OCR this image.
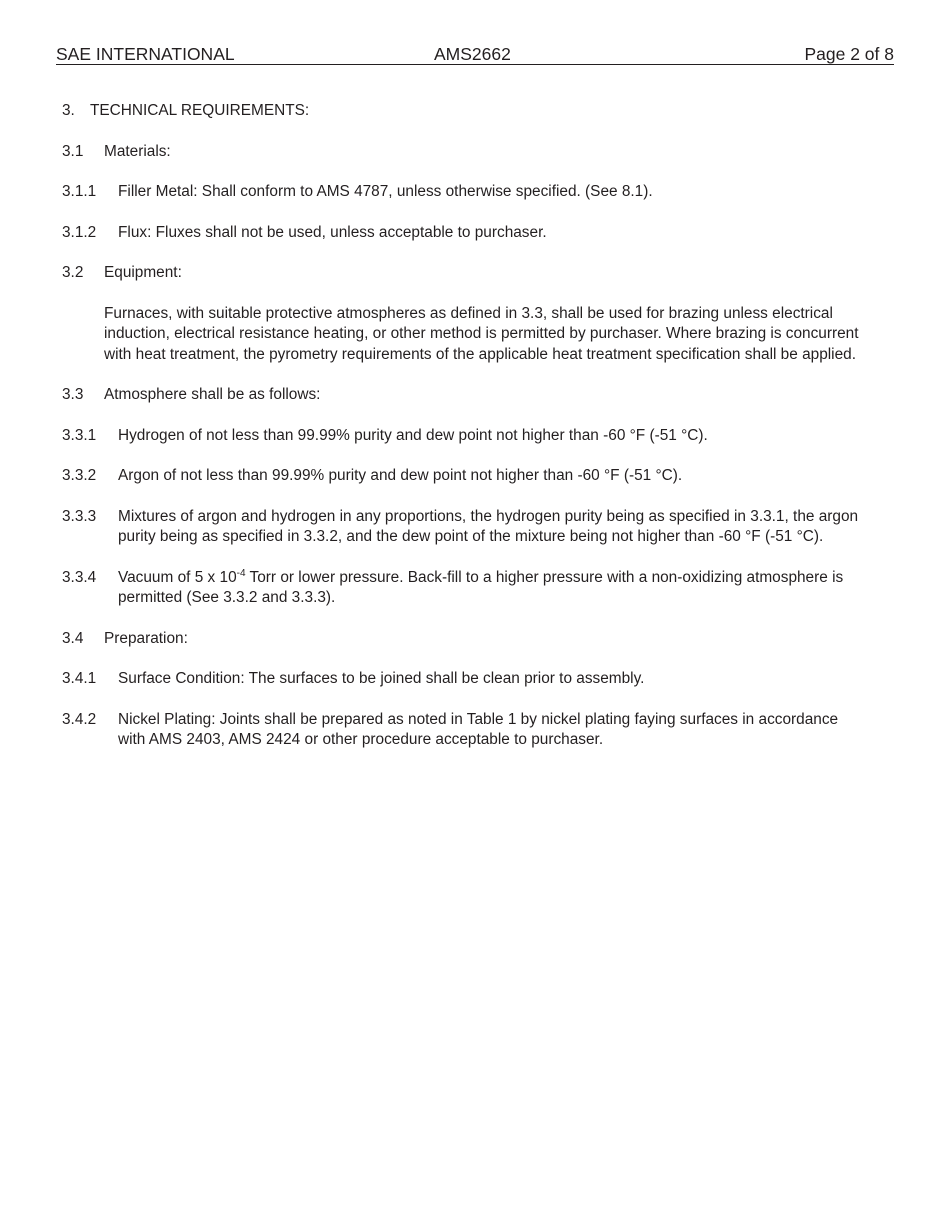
SAE INTERNATIONAL	AMS2662	Page 2 of 8
3. TECHNICAL REQUIREMENTS:
3.1	Materials:
3.1.1	Filler Metal: Shall conform to AMS 4787, unless otherwise specified. (See 8.1).
3.1.2	Flux: Fluxes shall not be used, unless acceptable to purchaser.
3.2	Equipment:
Furnaces, with suitable protective atmospheres as defined in 3.3, shall be used for brazing unless electrical induction, electrical resistance heating, or other method is permitted by purchaser. Where brazing is concurrent with heat treatment, the pyrometry requirements of the applicable heat treatment specification shall be applied.
3.3	Atmosphere shall be as follows:
3.3.1	Hydrogen of not less than 99.99% purity and dew point not higher than -60 °F (-51 °C).
3.3.2	Argon of not less than 99.99% purity and dew point not higher than -60 °F (-51 °C).
3.3.3	Mixtures of argon and hydrogen in any proportions, the hydrogen purity being as specified in 3.3.1, the argon purity being as specified in 3.3.2, and the dew point of the mixture being not higher than -60 °F (-51 °C).
3.3.4	Vacuum of 5 x $10^{-4}$ Torr or lower pressure. Back-fill to a higher pressure with a non-oxidizing atmosphere is permitted (See 3.3.2 and 3.3.3).
3.4	Preparation:
3.4.1	Surface Condition: The surfaces to be joined shall be clean prior to assembly.
3.4.2	Nickel Plating: Joints shall be prepared as noted in Table 1 by nickel plating faying surfaces in accordance with AMS 2403, AMS 2424 or other procedure acceptable to purchaser.
